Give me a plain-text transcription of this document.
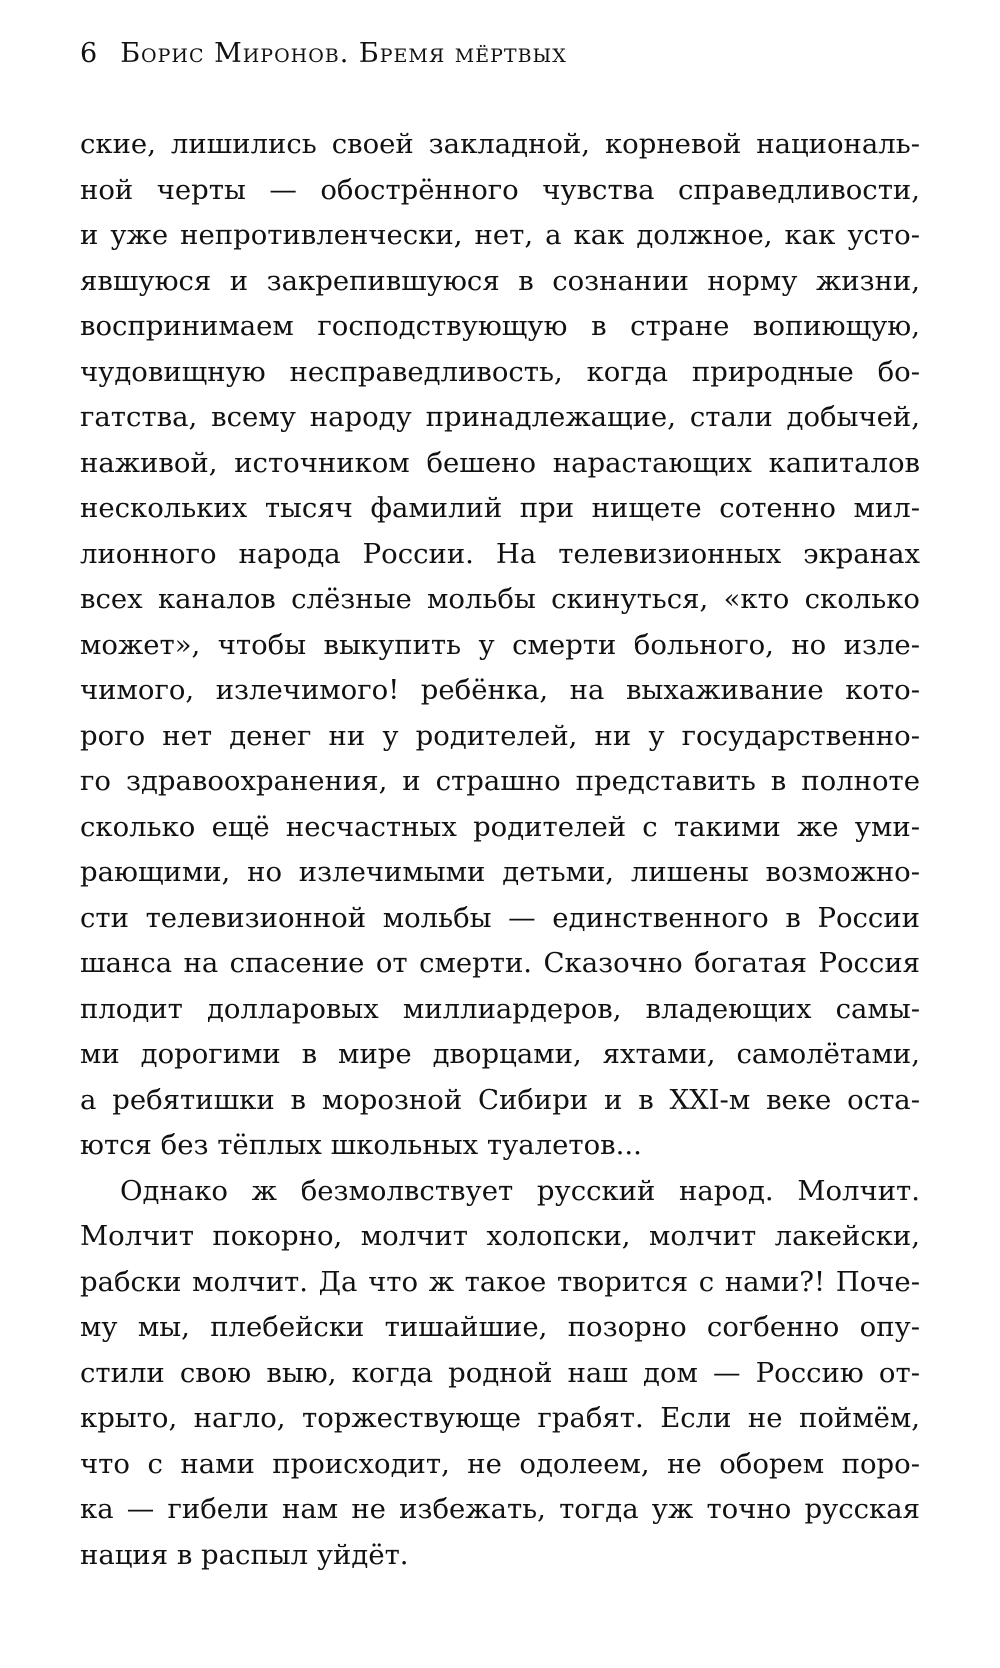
6 Борис Миронов. Бремя мёртвых
ские, лишились своей закладной, корневой националь-
ной черты — обострённого чувства справедливости,
и уже непротивленчески, нет, а как должное, как усто-
явшуюся и закрепившуюся в сознании норму жизни,
воспринимаем господствующую в стране вопиющую,
чудовищную несправедливость, когда природные бо-
гатства, всему народу принадлежащие, стали добычей,
наживой, источником бешено нарастающих капиталов
нескольких тысяч фамилий при нищете сотенно мил-
лионного народа России. На телевизионных экранах
всех каналов слёзные мольбы скинуться, «кто сколько
может», чтобы выкупить у смерти больного, но изле-
чимого, излечимого! ребёнка, на выхаживание кото-
рого нет денег ни у родителей, ни у государственно-
го здравоохранения, и страшно представить в полноте
сколько ещё несчастных родителей с такими же уми-
рающими, но излечимыми детьми, лишены возможно-
сти телевизионной мольбы — единственного в России
шанса на спасение от смерти. Сказочно богатая Россия
плодит долларовых миллиардеров, владеющих самы-
ми дорогими в мире дворцами, яхтами, самолётами,
а ребятишки в морозной Сибири и в XXI-м веке оста-
ются без тёплых школьных туалетов...
Однако ж безмолвствует русский народ. Молчит.
Молчит покорно, молчит холопски, молчит лакейски,
рабски молчит. Да что ж такое творится с нами?! Поче-
му мы, плебейски тишайшие, позорно согбенно опу-
стили свою выю, когда родной наш дом — Россию от-
крыто, нагло, торжествующе грабят. Если не поймём,
что с нами происходит, не одолеем, не оборем поро-
ка — гибели нам не избежать, тогда уж точно русская
нация в распыл уйдёт.
